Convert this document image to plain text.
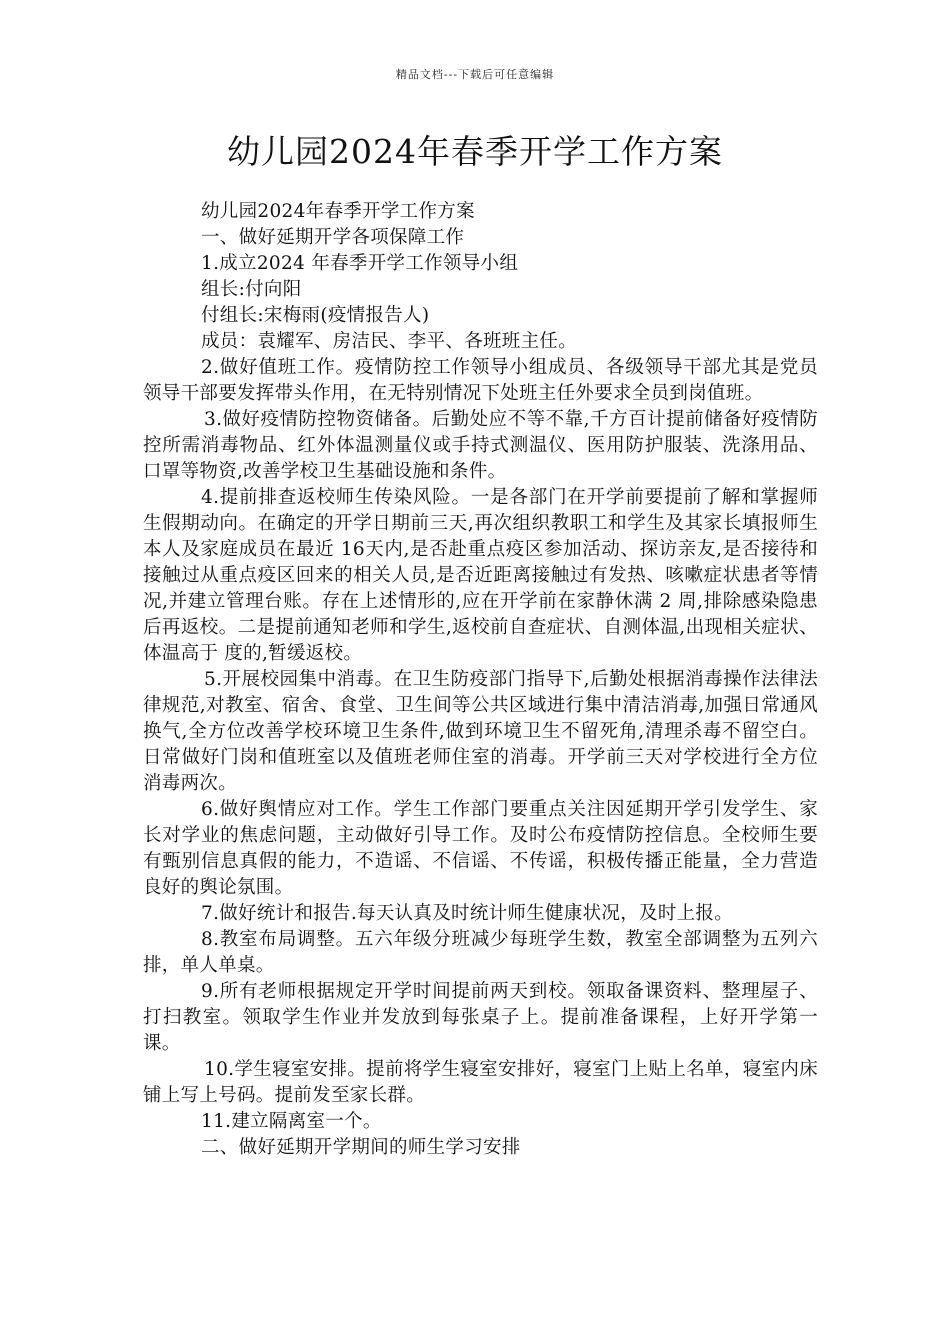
精品文档---下载后可任意编辑
幼儿园2024年春季开学工作方案

幼儿园2024年春季开学工作方案

一、做好延期开学各项保障工作

1.成立2024 年春季开学工作领导小组

组长:付向阳

付组长:宋梅雨(疫情报告人)

成员：袁耀军、房洁民、李平、各班班主任。

2.做好值班工作。疫情防控工作领导小组成员、各级领导干部尤其是党员领导干部要发挥带头作用，在无特别情况下处班主任外要求全员到岗值班。

3.做好疫情防控物资储备。后勤处应不等不靠,千方百计提前储备好疫情防控所需消毒物品、红外体温测量仪或手持式测温仪、医用防护服装、洗涤用品、口罩等物资,改善学校卫生基础设施和条件。

4.提前排查返校师生传染风险。一是各部门在开学前要提前了解和掌握师生假期动向。在确定的开学日期前三天,再次组织教职工和学生及其家长填报师生本人及家庭成员在最近 16天内,是否赴重点疫区参加活动、探访亲友,是否接待和接触过从重点疫区回来的相关人员,是否近距离接触过有发热、咳嗽症状患者等情况,并建立管理台账。存在上述情形的,应在开学前在家静休满 2 周,排除感染隐患后再返校。二是提前通知老师和学生,返校前自查症状、自测体温,出现相关症状、体温高于 度的,暂缓返校。

5.开展校园集中消毒。在卫生防疫部门指导下,后勤处根据消毒操作法律法律规范,对教室、宿舍、食堂、卫生间等公共区域进行集中清洁消毒,加强日常通风换气,全方位改善学校环境卫生条件,做到环境卫生不留死角,清理杀毒不留空白。日常做好门岗和值班室以及值班老师住室的消毒。开学前三天对学校进行全方位消毒两次。

6.做好舆情应对工作。学生工作部门要重点关注因延期开学引发学生、家长对学业的焦虑问题，主动做好引导工作。及时公布疫情防控信息。全校师生要有甄别信息真假的能力，不造谣、不信谣、不传谣，积极传播正能量，全力营造良好的舆论氛围。

7.做好统计和报告.每天认真及时统计师生健康状况，及时上报。

8.教室布局调整。五六年级分班减少每班学生数，教室全部调整为五列六排，单人单桌。

9.所有老师根据规定开学时间提前两天到校。领取备课资料、整理屋子、打扫教室。领取学生作业并发放到每张桌子上。提前准备课程，上好开学第一课。

10.学生寝室安排。提前将学生寝室安排好，寝室门上贴上名单，寝室内床铺上写上号码。提前发至家长群。

11.建立隔离室一个。

二、做好延期开学期间的师生学习安排
